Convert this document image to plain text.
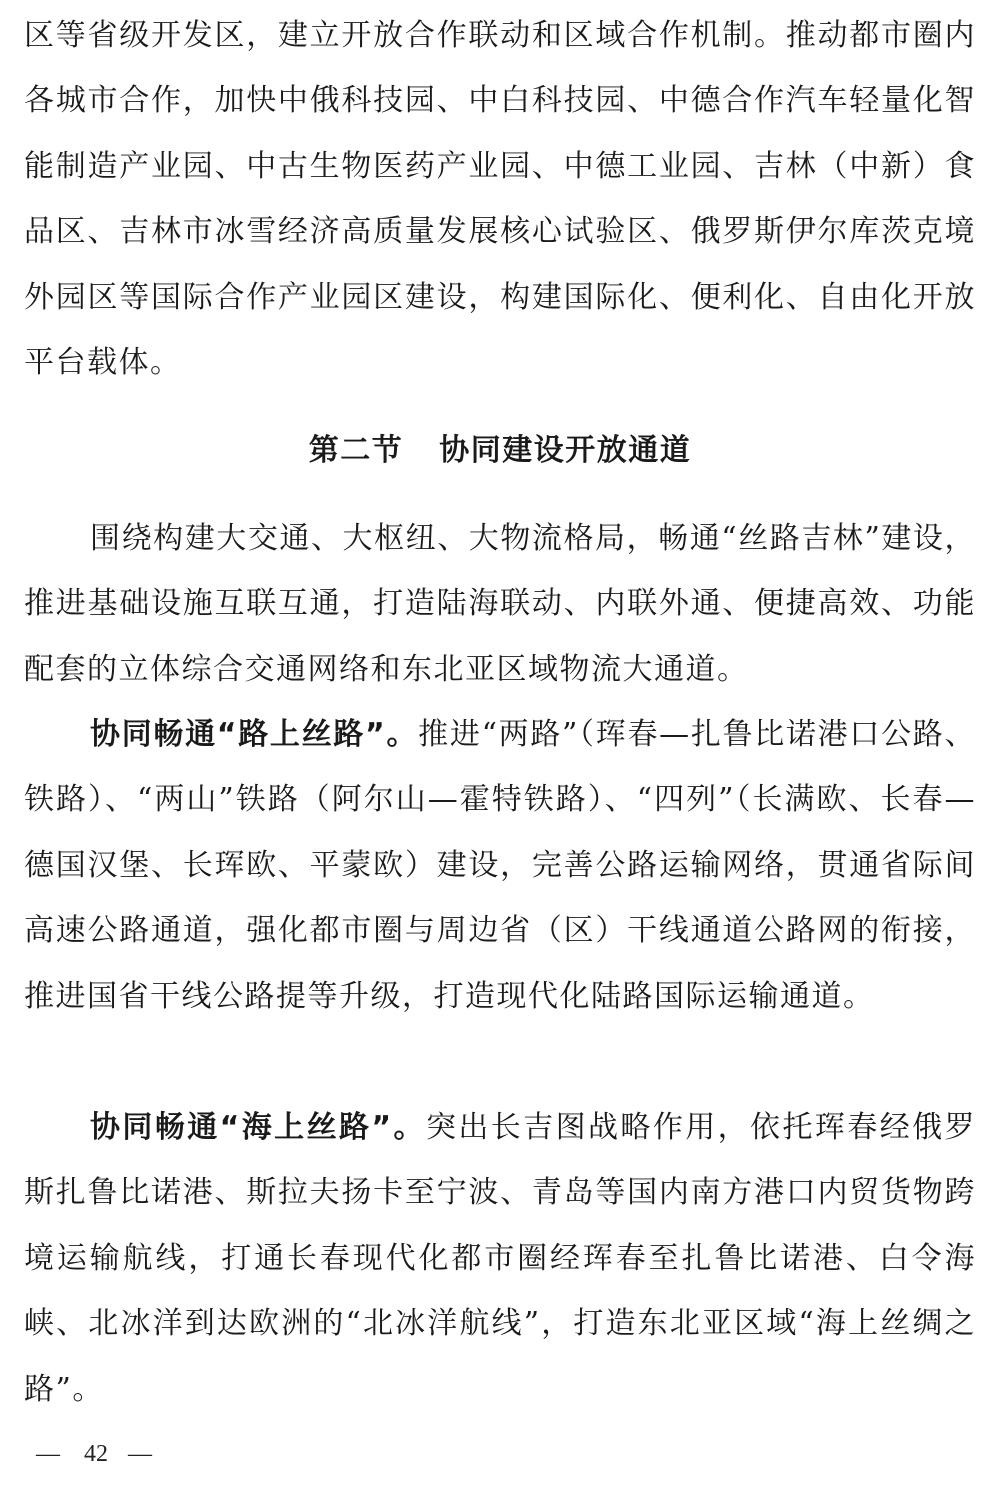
区等省级开发区，建立开放合作联动和区域合作机制。推动都市圈内各城市合作，加快中俄科技园、中白科技园、中德合作汽车轻量化智能制造产业园、中古生物医药产业园、中德工业园、吉林（中新）食品区、吉林市冰雪经济高质量发展核心试验区、俄罗斯伊尔库茨克境外园区等国际合作产业园区建设，构建国际化、便利化、自由化开放平台载体。

第二节 协同建设开放通道

围绕构建大交通、大枢纽、大物流格局，畅通“丝路吉林”建设，推进基础设施互联互通，打造陆海联动、内联外通、便捷高效、功能配套的立体综合交通网络和东北亚区域物流大通道。

协同畅通“路上丝路”。推进“两路”（珲春—扎鲁比诺港口公路、铁路）、“两山”铁路（阿尔山—霍特铁路）、“四列”（长满欧、长春—德国汉堡、长珲欧、平蒙欧）建设，完善公路运输网络，贯通省际间高速公路通道，强化都市圈与周边省（区）干线通道公路网的衔接，推进国省干线公路提等升级，打造现代化陆路国际运输通道。

协同畅通“海上丝路”。突出长吉图战略作用，依托珲春经俄罗斯扎鲁比诺港、斯拉夫扬卡至宁波、青岛等国内南方港口内贸货物跨境运输航线，打通长春现代化都市圈经珲春至扎鲁比诺港、白令海峡、北冰洋到达欧洲的“北冰洋航线”，打造东北亚区域“海上丝绸之路”。

— 42 —
